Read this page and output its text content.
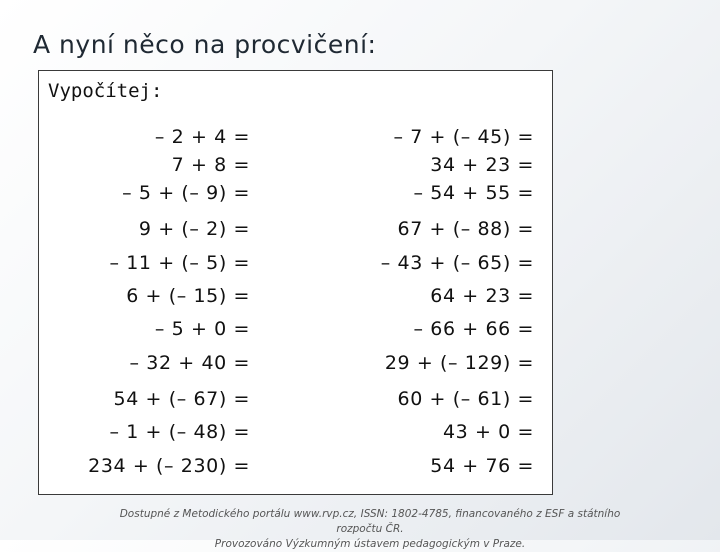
A nyní něco na procvičení:
Vypočítej:
– 2 + 4 =
7 + 8 =
– 5 + (– 9) =
9 + (– 2) =
– 11 + (– 5) =
6 + (– 15) =
– 5 + 0 =
– 32 + 40 =
54 + (– 67) =
– 1 + (– 48) =
234 + (– 230) =
– 7 + (– 45) =
34 + 23 =
– 54 + 55 =
67 + (– 88) =
– 43 + (– 65) =
64 + 23 =
– 66 + 66 =
29 + (– 129) =
60 + (– 61) =
43 + 0 =
54 + 76 =
Dostupné z Metodického portálu www.rvp.cz, ISSN: 1802-4785, financovaného z ESF a státního rozpočtu ČR.
Provozováno Výzkumným ústavem pedagogickým v Praze.
